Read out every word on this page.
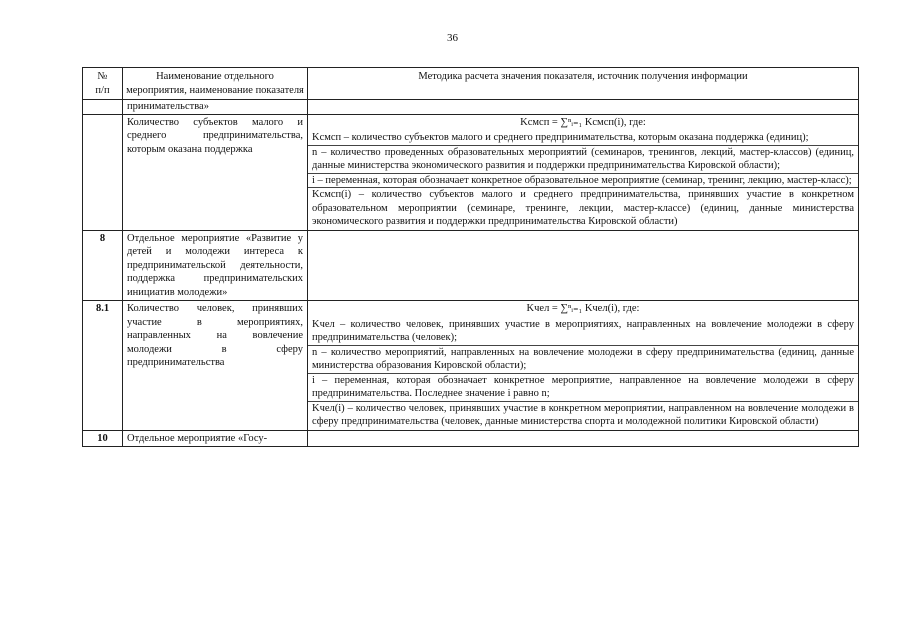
36
№
п/п	Наименование отдельного мероприятия, наименование показателя	Методика расчета значения показателя, источник получения информации
	принимательства»	
	Количество субъектов малого и среднего предпринимательства, которым оказана поддержка	Kсмсп = ∑ⁿᵢ₌₁ Kсмсп(i), где:
Kсмсп – количество субъектов малого и среднего предпринимательства, которым оказана поддержка (единиц);
n – количество проведенных образовательных мероприятий (семинаров, тренингов, лекций, мастер-классов) (единиц, данные министерства экономического развития и поддержки предпринимательства Кировской области);
i – переменная, которая обозначает конкретное образовательное мероприятие (семинар, тренинг, лекцию, мастер-класс);
Kсмсп(i) – количество субъектов малого и среднего предпринимательства, принявших участие в конкретном образовательном мероприятии (семинаре, тренинге, лекции, мастер-классе) (единиц, данные министерства экономического развития и поддержки предпринимательства Кировской области)

8	Отдельное мероприятие «Развитие у детей и молодежи интереса к предпринимательской деятельности, поддержка предпринимательских инициатив молодежи»	
8.1	Количество человек, принявших участие в мероприятиях, направленных на вовлечение молодежи в сферу предпринимательства	Kчел = ∑ⁿᵢ₌₁ Kчел(i), где:
Kчел – количество человек, принявших участие в мероприятиях, направленных на вовлечение молодежи в сферу предпринимательства (человек);
n – количество мероприятий, направленных на вовлечение молодежи в сферу предпринимательства (единиц, данные министерства образования Кировской области);
i – переменная, которая обозначает конкретное мероприятие, направленное на вовлечение молодежи в сферу предпринимательства. Последнее значение i равно n;
Kчел(i) – количество человек, принявших участие в конкретном мероприятии, направленном на вовлечение молодежи в сферу предпринимательства (человек, данные министерства спорта и молодежной политики Кировской области)

10	Отдельное мероприятие «Госу-	
